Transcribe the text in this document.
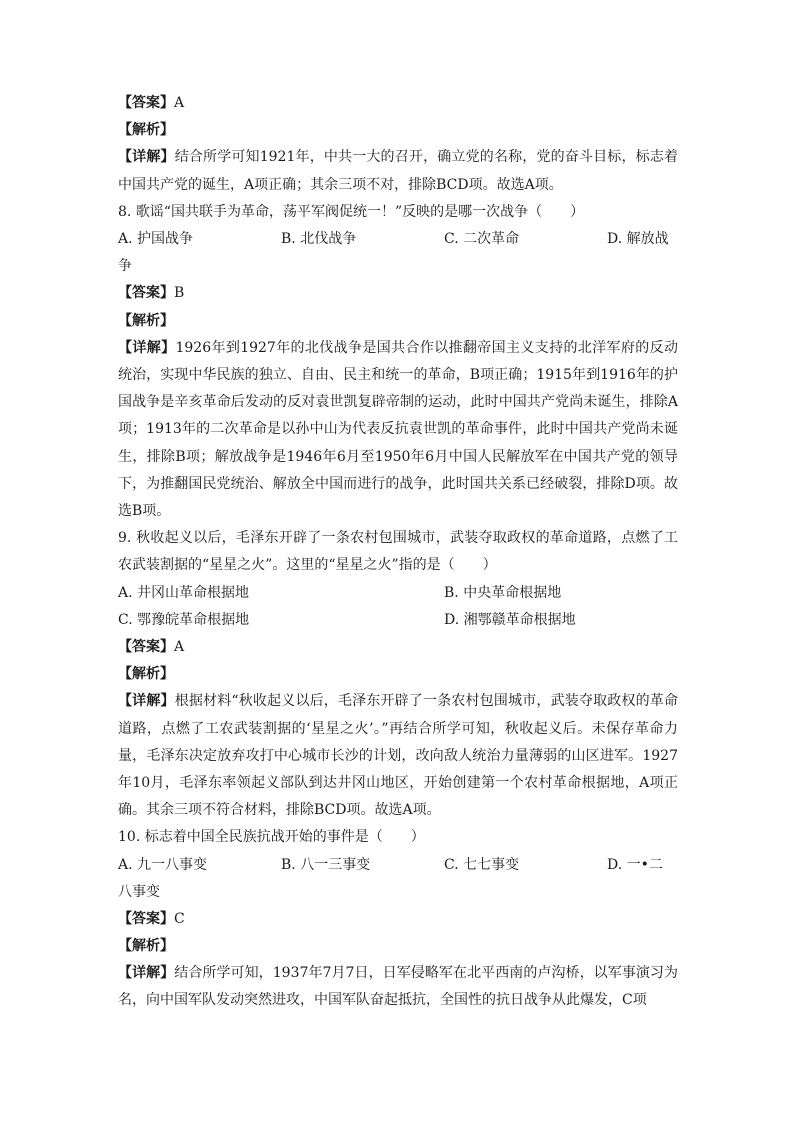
【答案】A
【解析】
【详解】结合所学可知1921年，中共一大的召开，确立党的名称，党的奋斗目标，标志着中国共产党的诞生，A项正确；其余三项不对，排除BCD项。故选A项。
8. 歌谣“国共联手为革命，荡平军阀促统一！”反映的是哪一次战争（　　）
A. 护国战争	B. 北伐战争	C. 二次革命	D. 解放战
争
【答案】B
【解析】
【详解】1926年到1927年的北伐战争是国共合作以推翻帝国主义支持的北洋军府的反动统治，实现中华民族的独立、自由、民主和统一的革命，B项正确；1915年到1916年的护国战争是辛亥革命后发动的反对袁世凯复辟帝制的运动，此时中国共产党尚未诞生，排除A项；1913年的二次革命是以孙中山为代表反抗袁世凯的革命事件，此时中国共产党尚未诞生，排除B项；解放战争是1946年6月至1950年6月中国人民解放军在中国共产党的领导下，为推翻国民党统治、解放全中国而进行的战争，此时国共关系已经破裂，排除D项。故选B项。
9. 秋收起义以后，毛泽东开辟了一条农村包围城市，武装夺取政权的革命道路，点燃了工农武装割据的“星星之火”。这里的“星星之火”指的是（　　）
A. 井冈山革命根据地	B. 中央革命根据地
C. 鄂豫皖革命根据地	D. 湘鄂赣革命根据地
【答案】A
【解析】
【详解】根据材料“秋收起义以后，毛泽东开辟了一条农村包围城市，武装夺取政权的革命道路，点燃了工农武装割据的‘星星之火’。”再结合所学可知，秋收起义后。未保存革命力量，毛泽东决定放弃攻打中心城市长沙的计划，改向敌人统治力量薄弱的山区进军。1927年10月，毛泽东率领起义部队到达井冈山地区，开始创建第一个农村革命根据地，A项正确。其余三项不符合材料，排除BCD项。故选A项。
10. 标志着中国全民族抗战开始的事件是（　　）
A. 九一八事变	B. 八一三事变	C. 七七事变	D. 一•二
八事变
【答案】C
【解析】
【详解】结合所学可知，1937年7月7日，日军侵略军在北平西南的卢沟桥，以军事演习为名，向中国军队发动突然进攻，中国军队奋起抵抗，全国性的抗日战争从此爆发，C项
